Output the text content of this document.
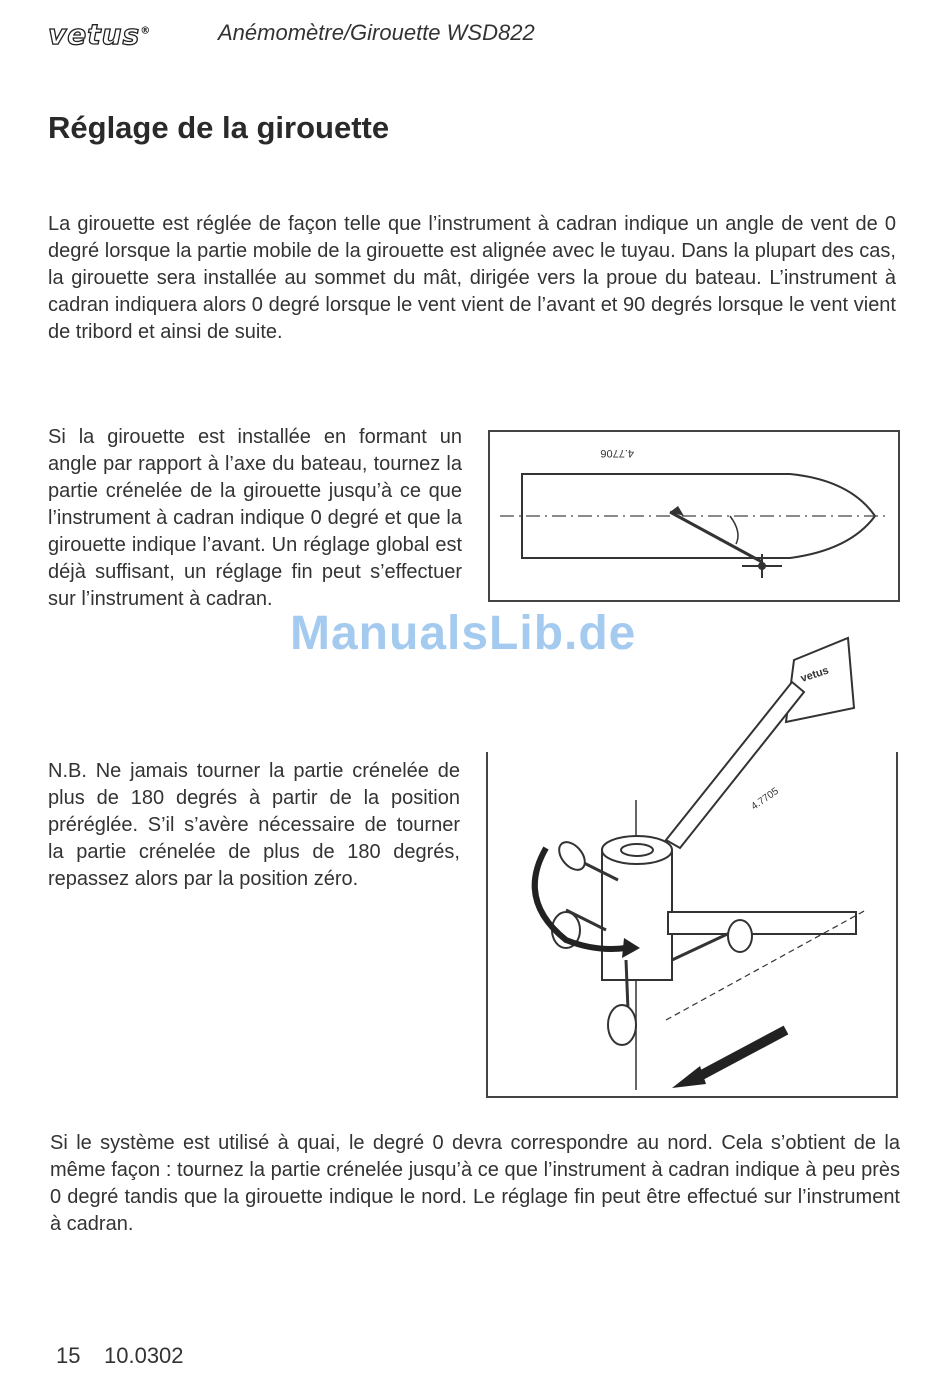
vetus®	Anémomètre/Girouette WSD822
Réglage de la girouette

La girouette est réglée de façon telle que l’instrument à cadran indique un angle de vent de 0 degré lorsque la partie mobile de la girouette est alignée avec le tuyau. Dans la plupart des cas, la girouette sera installée au sommet du mât, dirigée vers la proue du bateau. L’instrument à cadran indiquera alors 0 degré lorsque le vent vient de l’avant et 90 degrés lorsque le vent vient de tribord et ainsi de suite.

Si la girouette est installée en formant un angle par rapport à l’axe du bateau, tournez la partie crénelée de la girouette jusqu’à ce que l’instrument à cadran indique 0 degré et que la girouette indique l’avant. Un réglage global est déjà suffisant, un réglage fin peut s’effectuer sur l’instrument à cadran.

4.7706
ManualsLib.de

N.B. Ne jamais tourner la partie crénelée de plus de 180 degrés à partir de la position préréglée. S’il s’avère nécessaire de tourner la partie crénelée de plus de 180 degrés, repassez alors par la position zéro.

vetus
4.7705

Si le système est utilisé à quai, le degré 0 devra correspondre au nord. Cela s’obtient de la même façon : tournez la partie crénelée jusqu’à ce que l’instrument à cadran indique à peu près 0 degré tandis que la girouette indique le nord. Le réglage fin peut être effectué sur l’instrument à cadran.

15 10.0302
